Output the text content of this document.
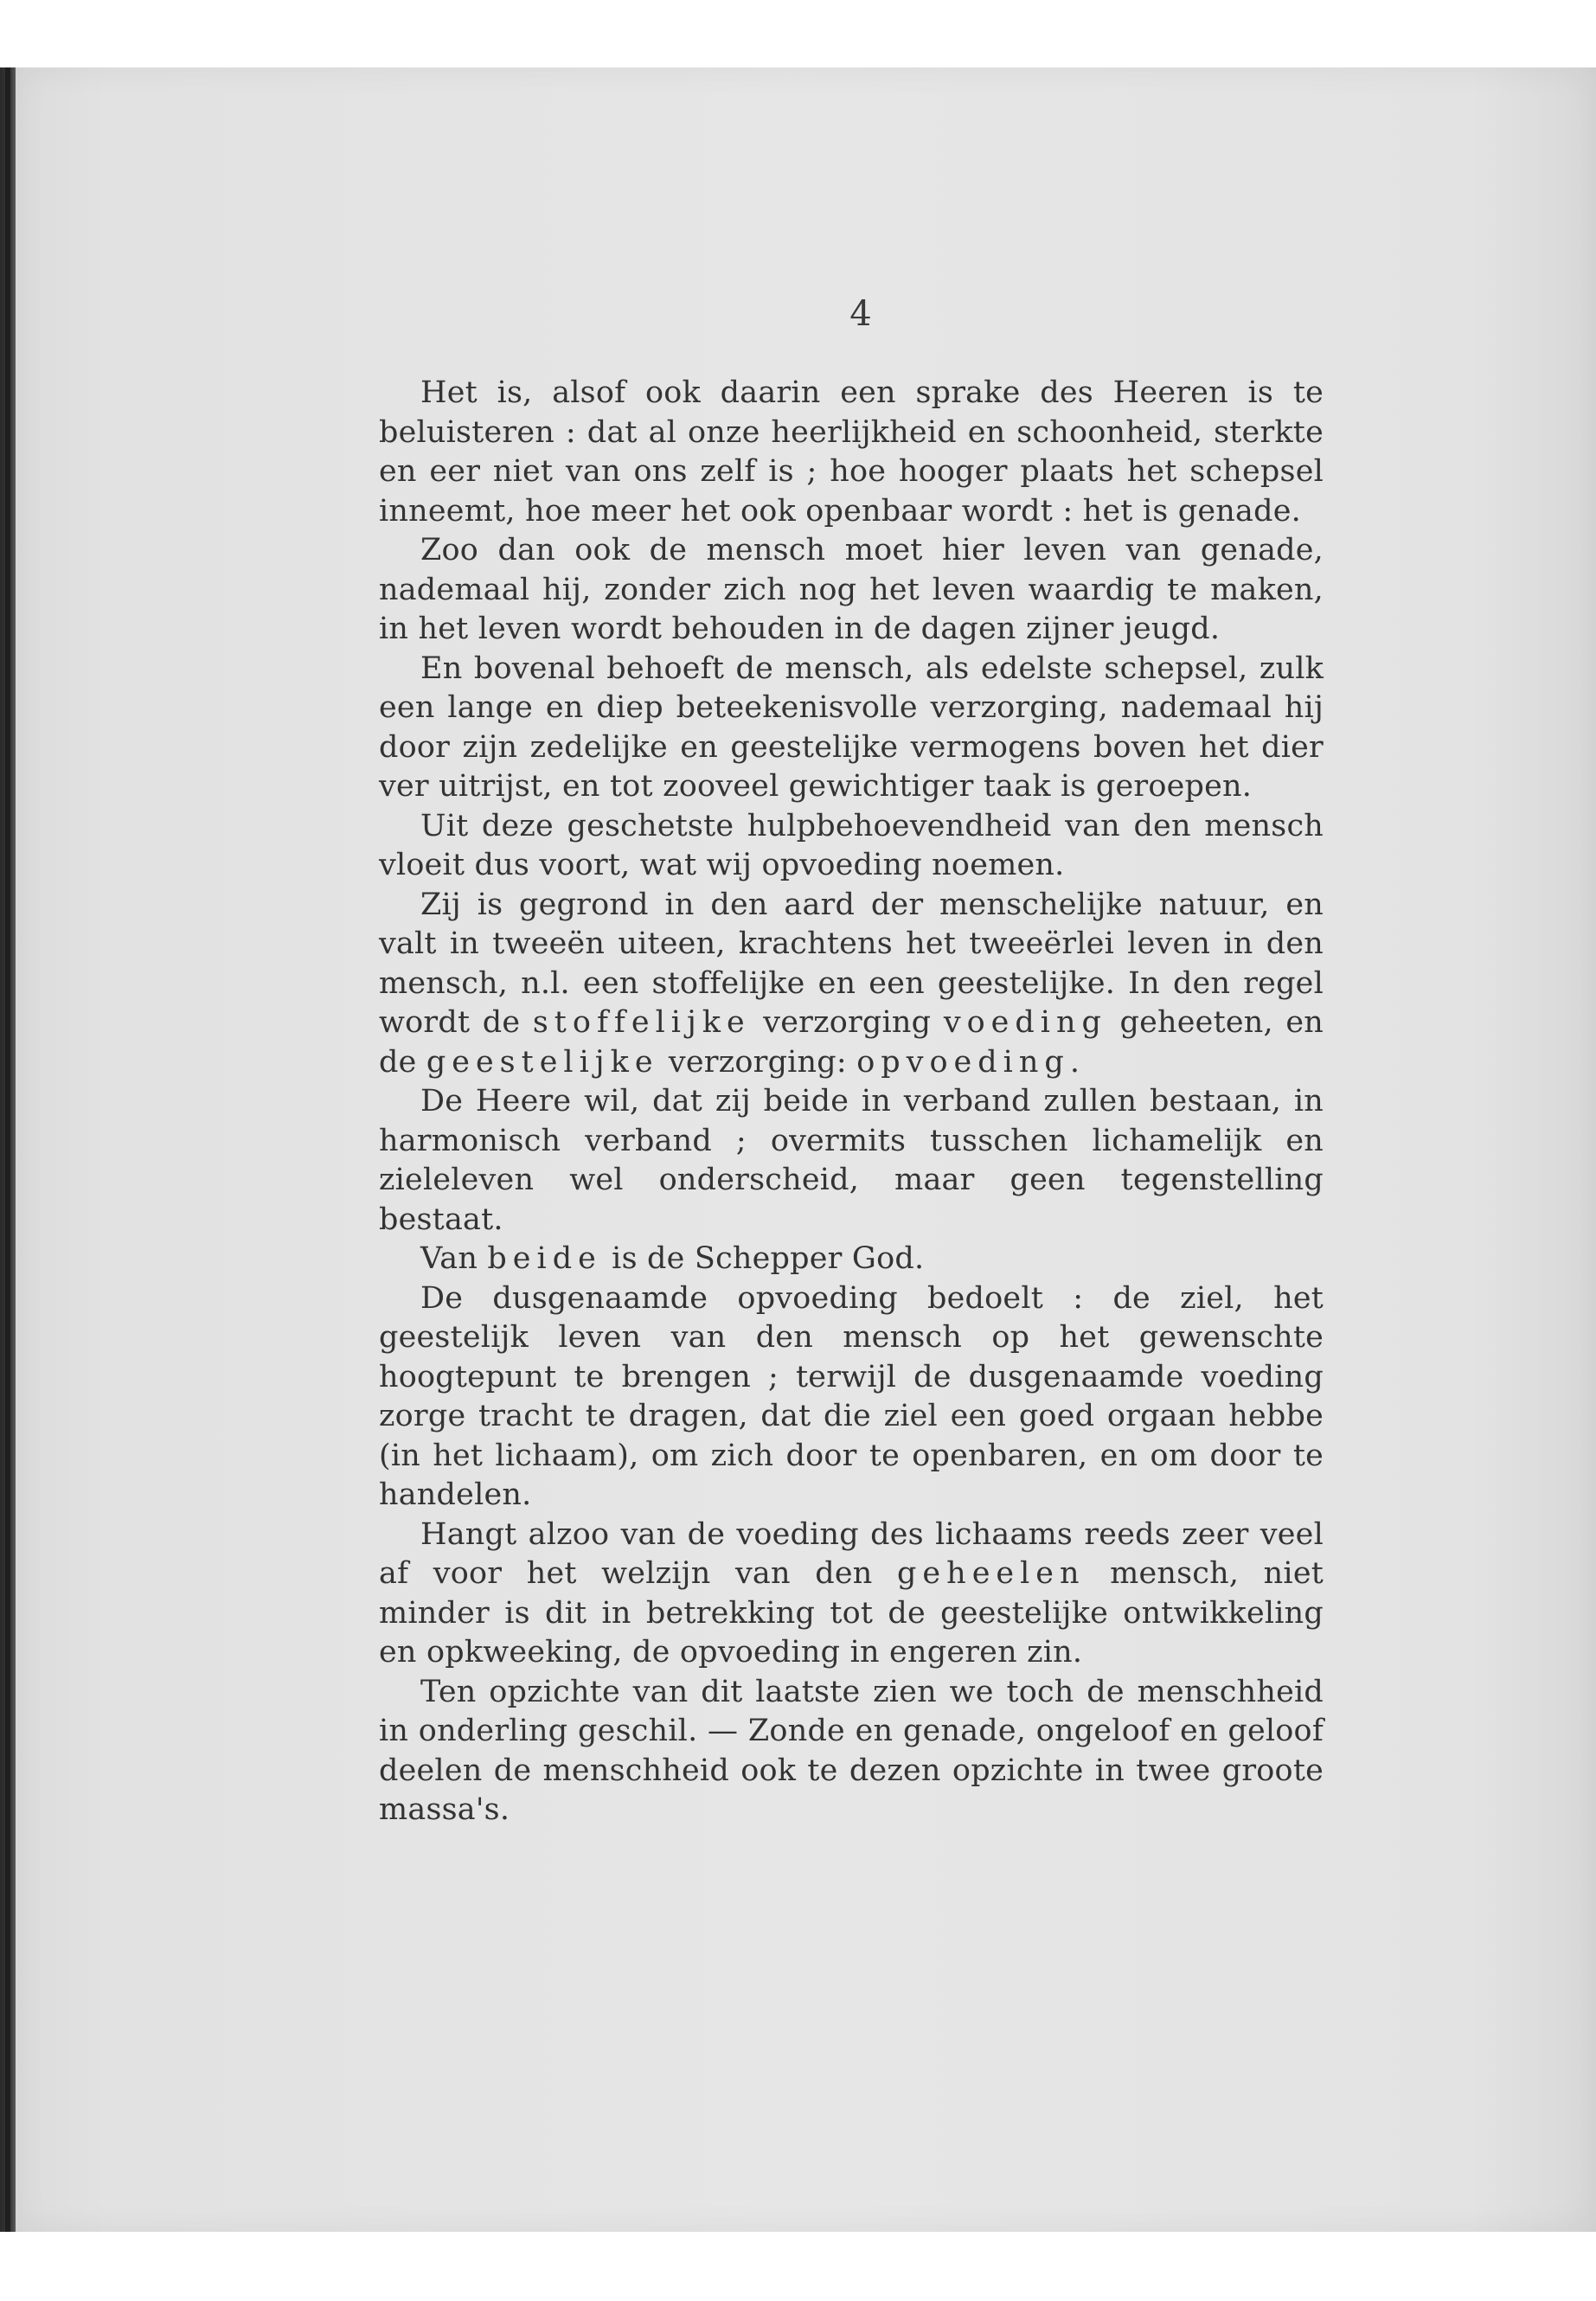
4

Het is, alsof ook daarin een sprake des Heeren is te beluisteren : dat al onze heerlijkheid en schoonheid, sterkte en eer niet van ons zelf is ; hoe hooger plaats het schepsel inneemt, hoe meer het ook openbaar wordt : het is genade.

Zoo dan ook de mensch moet hier leven van genade, nademaal hij, zonder zich nog het leven waardig te maken, in het leven wordt behouden in de dagen zijner jeugd.

En bovenal behoeft de mensch, als edelste schepsel, zulk een lange en diep beteekenisvolle verzorging, nademaal hij door zijn zedelijke en geestelijke vermogens boven het dier ver uitrijst, en tot zooveel gewichtiger taak is geroepen.

Uit deze geschetste hulpbehoevendheid van den mensch vloeit dus voort, wat wij opvoeding noemen.

Zij is gegrond in den aard der menschelijke natuur, en valt in tweeën uiteen, krachtens het tweeërlei leven in den mensch, n.l. een stoffelijke en een geestelijke. In den regel wordt de stoffelijke verzorging voeding geheeten, en de geestelijke verzorging: opvoeding.

De Heere wil, dat zij beide in verband zullen bestaan, in harmonisch verband ; overmits tusschen lichamelijk en zieleleven wel onderscheid, maar geen tegenstelling bestaat.

Van beide is de Schepper God.

De dusgenaamde opvoeding bedoelt : de ziel, het geestelijk leven van den mensch op het gewenschte hoogtepunt te brengen ; terwijl de dusgenaamde voeding zorge tracht te dragen, dat die ziel een goed orgaan hebbe (in het lichaam), om zich door te openbaren, en om door te handelen.

Hangt alzoo van de voeding des lichaams reeds zeer veel af voor het welzijn van den geheelen mensch, niet minder is dit in betrekking tot de geestelijke ontwikkeling en opkweeking, de opvoeding in engeren zin.

Ten opzichte van dit laatste zien we toch de menschheid in onderling geschil. — Zonde en genade, ongeloof en geloof deelen de menschheid ook te dezen opzichte in twee groote massa's.
